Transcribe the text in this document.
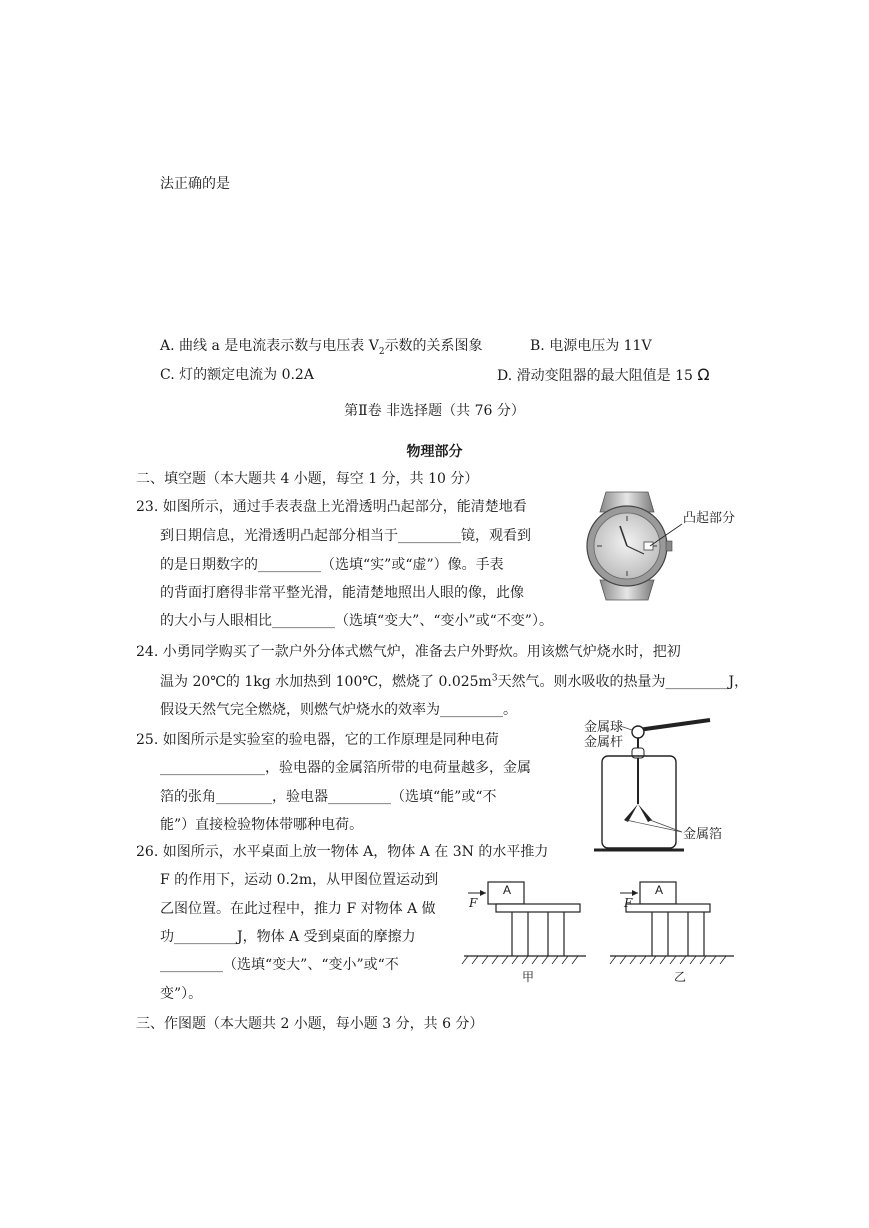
法正确的是
A. 曲线 a 是电流表示数与电压表 $V_2$示数的关系图象	B. 电源电压为 11V
C. 灯的额定电流为 0.2A	D. 滑动变阻器的最大阻值是 15 Ω
第Ⅱ卷 非选择题（共 76 分）
物理部分
二、填空题（本大题共 4 小题，每空 1 分，共 10 分）
23. 如图所示，通过手表表盘上光滑透明凸起部分，能清楚地看
到日期信息，光滑透明凸起部分相当于_________镜，观看到
的是日期数字的_________（选填“实”或“虚”）像。手表
的背面打磨得非常平整光滑，能清楚地照出人眼的像，此像
的大小与人眼相比_________（选填“变大”、“变小”或“不变”）。
凸起部分
24. 小勇同学购买了一款户外分体式燃气炉，准备去户外野炊。用该燃气炉烧水时，把初
温为 20℃的 1kg 水加热到 100℃，燃烧了 $0.025m^3$天然气。则水吸收的热量为_________J，
假设天然气完全燃烧，则燃气炉烧水的效率为_________。
25. 如图所示是实验室的验电器，它的工作原理是同种电荷
_______________，验电器的金属箔所带的电荷量越多，金属
箔的张角________，验电器_________（选填“能”或“不
能”）直接检验物体带哪种电荷。
金属球
金属杆
金属箔
26. 如图所示，水平桌面上放一物体 A，物体 A 在 3N 的水平推力
F 的作用下，运动 0.2m，从甲图位置运动到
乙图位置。在此过程中，推力 F 对物体 A 做
功_________J，物体 A 受到桌面的摩擦力
_________（选填“变大”、“变小”或“不
变”）。
A
F
甲
A
F
乙
三、作图题（本大题共 2 小题，每小题 3 分，共 6 分）
